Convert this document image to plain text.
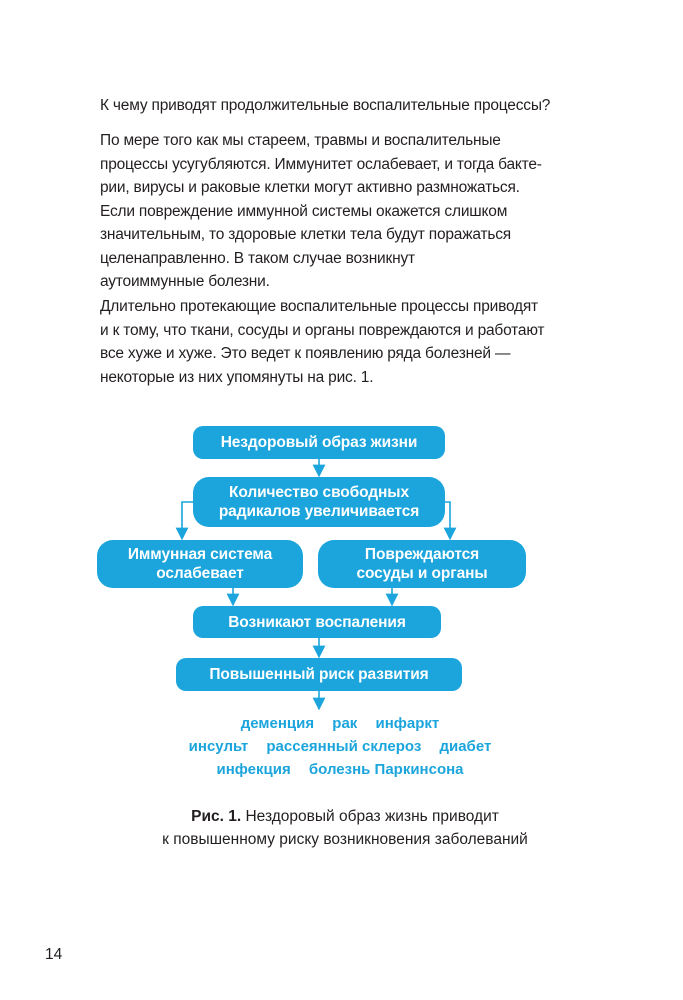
К чему приводят продолжительные воспалительные процессы?

По мере того как мы стареем, травмы и воспалительные
процессы усугубляются. Иммунитет ослабевает, и тогда бакте-
рии, вирусы и раковые клетки могут активно размножаться.
Если повреждение иммунной системы окажется слишком
значительным, то здоровые клетки тела будут поражаться
целенаправленно. В таком случае возникнут
аутоиммунные болезни.
Длительно протекающие воспалительные процессы приводят
и к тому, что ткани, сосуды и органы повреждаются и работают
все хуже и хуже. Это ведет к появлению ряда болезней —
некоторые из них упомянуты на рис. 1.
Нездоровый образ жизни
Количество свободных
радикалов увеличивается
Иммунная система
ослабевает
Повреждаются
сосуды и органы
Возникают воспаления
Повышенный риск развития
деменция рак инфаркт
инсульт рассеянный склероз диабет
инфекция болезнь Паркинсона
Рис. 1. Нездоровый образ жизнь приводит
к повышенному риску возникновения заболеваний
14
